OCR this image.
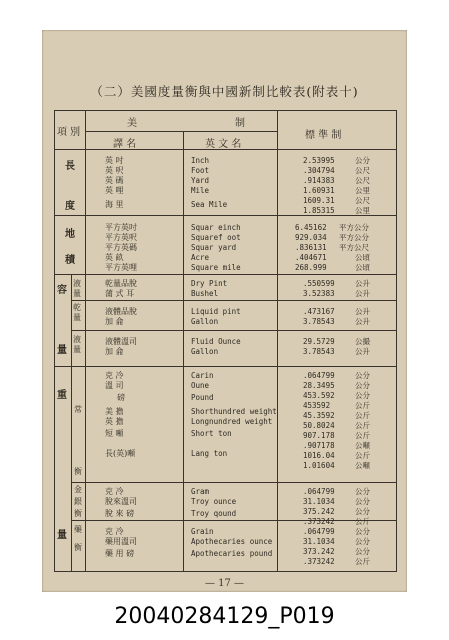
（二）美國度量衡與中國新制比較表(附表十)
項 別
美	制
譯 名	英 文 名
標 準 制
長
度
地
積
容
液量
乾量
液量
量
重
量
常
衡
金
銀
衡
藥
衡
英 吋
英 呎
英 碼
英 哩
海 里
Inch
Foot
Yard
Mile
Sea Mile
2.53995
.304794
.914383
1.60931
1609.31
1.85315
公分
公尺
公尺
公里
公尺
公里
平方英吋
平方英呎
平方英碼
英 畝
平方英哩
Squar einch
Squaref oot
Squar yard
Acre
Square mile
6.45162
929.034
.836131
.404671
268.999
平方公分
平方公分
平方公尺
公頃
公頃
乾量品脫
蒲 式 耳
Dry Pint
Bushel
.550599
3.52383
公升
公升
液體品脫
加 侖
Liquid pint
Gallon
.473167
3.78543
公升
公升
液體溫司
加 侖
Fluid Ounce
Gallon
29.5729
3.78543
公撮
公升
克 冷
溫 司
磅
美 擔
英 擔
短 噸
長(英)噸
Carin
Oune
Pound
Shorthundred weight
Longnundred weight
Short ton
Lang ton
.064799
28.3495
453.592
453592
45.3592
50.8024
907.178
.907178
1016.04
1.01604
公分
公分
公分
公斤
公斤
公斤
公斤
公噸
公斤
公噸
克 冷
脫來溫司
脫 來 磅
Gram
Troy ounce
Troy qound
.064799
31.1034
375.242
.373242
公分
公分
公分
公斤
克 冷
藥用溫司
藥 用 磅
Grain
Apothecaries ounce
Apothecaries pound
.064799
31.1034
373.242
.373242
公分
公分
公分
公斤
— 17 —
20040284129_P019
